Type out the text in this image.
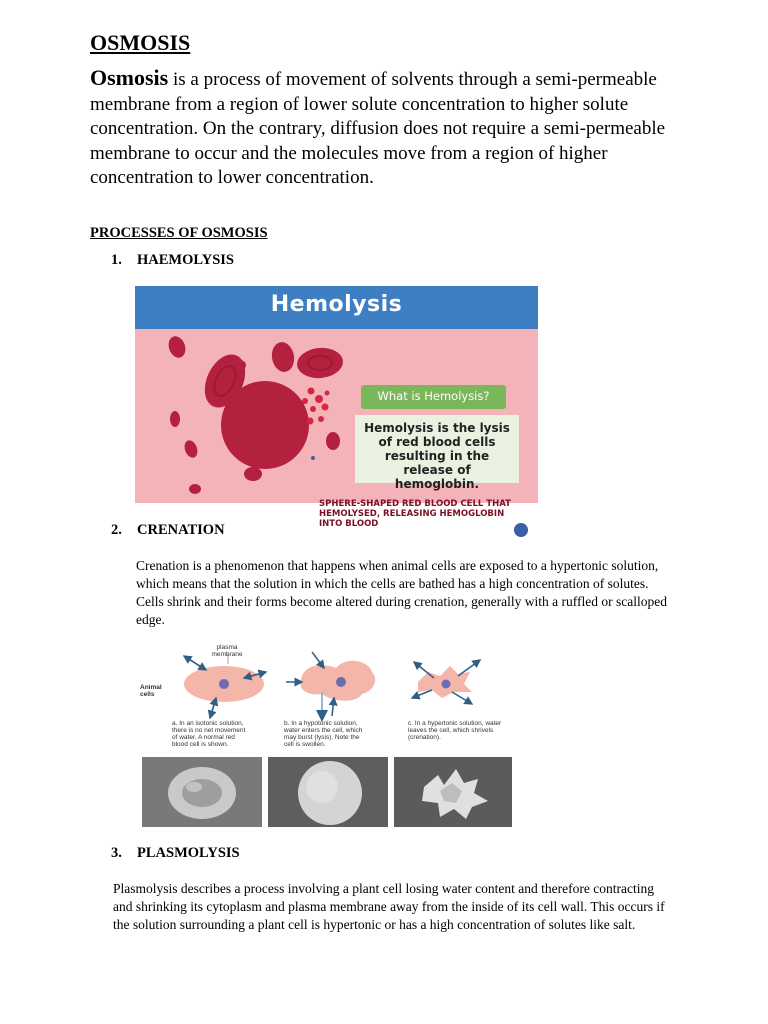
OSMOSIS

Osmosis is a process of movement of solvents through a semi-permeable membrane from a region of lower solute concentration to higher solute concentration. On the contrary, diffusion does not require a semi-permeable membrane to occur and the molecules move from a region of higher concentration to lower concentration.

PROCESSES OF OSMOSIS
1. HAEMOLYSIS
Hemolysis
What is Hemolysis?
Hemolysis is the lysis of red blood cells resulting in the release of hemoglobin.
SPHERE-SHAPED RED BLOOD CELL THAT HEMOLYSED, RELEASING HEMOGLOBIN INTO BLOOD
2. CRENATION

Crenation is a phenomenon that happens when animal cells are exposed to a hypertonic solution, which means that the solution in which the cells are bathed has a high concentration of solutes. Cells shrink and their forms become altered during crenation, generally with a ruffled or scalloped edge.

plasma membrane
Animal cells
a. In an isotonic solution, there is no net movement of water. A normal red blood cell is shown.
b. In a hypotonic solution, water enters the cell, which may burst (lysis). Note the cell is swollen.
c. In a hypertonic solution, water leaves the cell, which shrivels (crenation).
3. PLASMOLYSIS

Plasmolysis describes a process involving a plant cell losing water content and therefore contracting and shrinking its cytoplasm and plasma membrane away from the inside of its cell wall. This occurs if the solution surrounding a plant cell is hypertonic or has a high concentration of solutes like salt.
